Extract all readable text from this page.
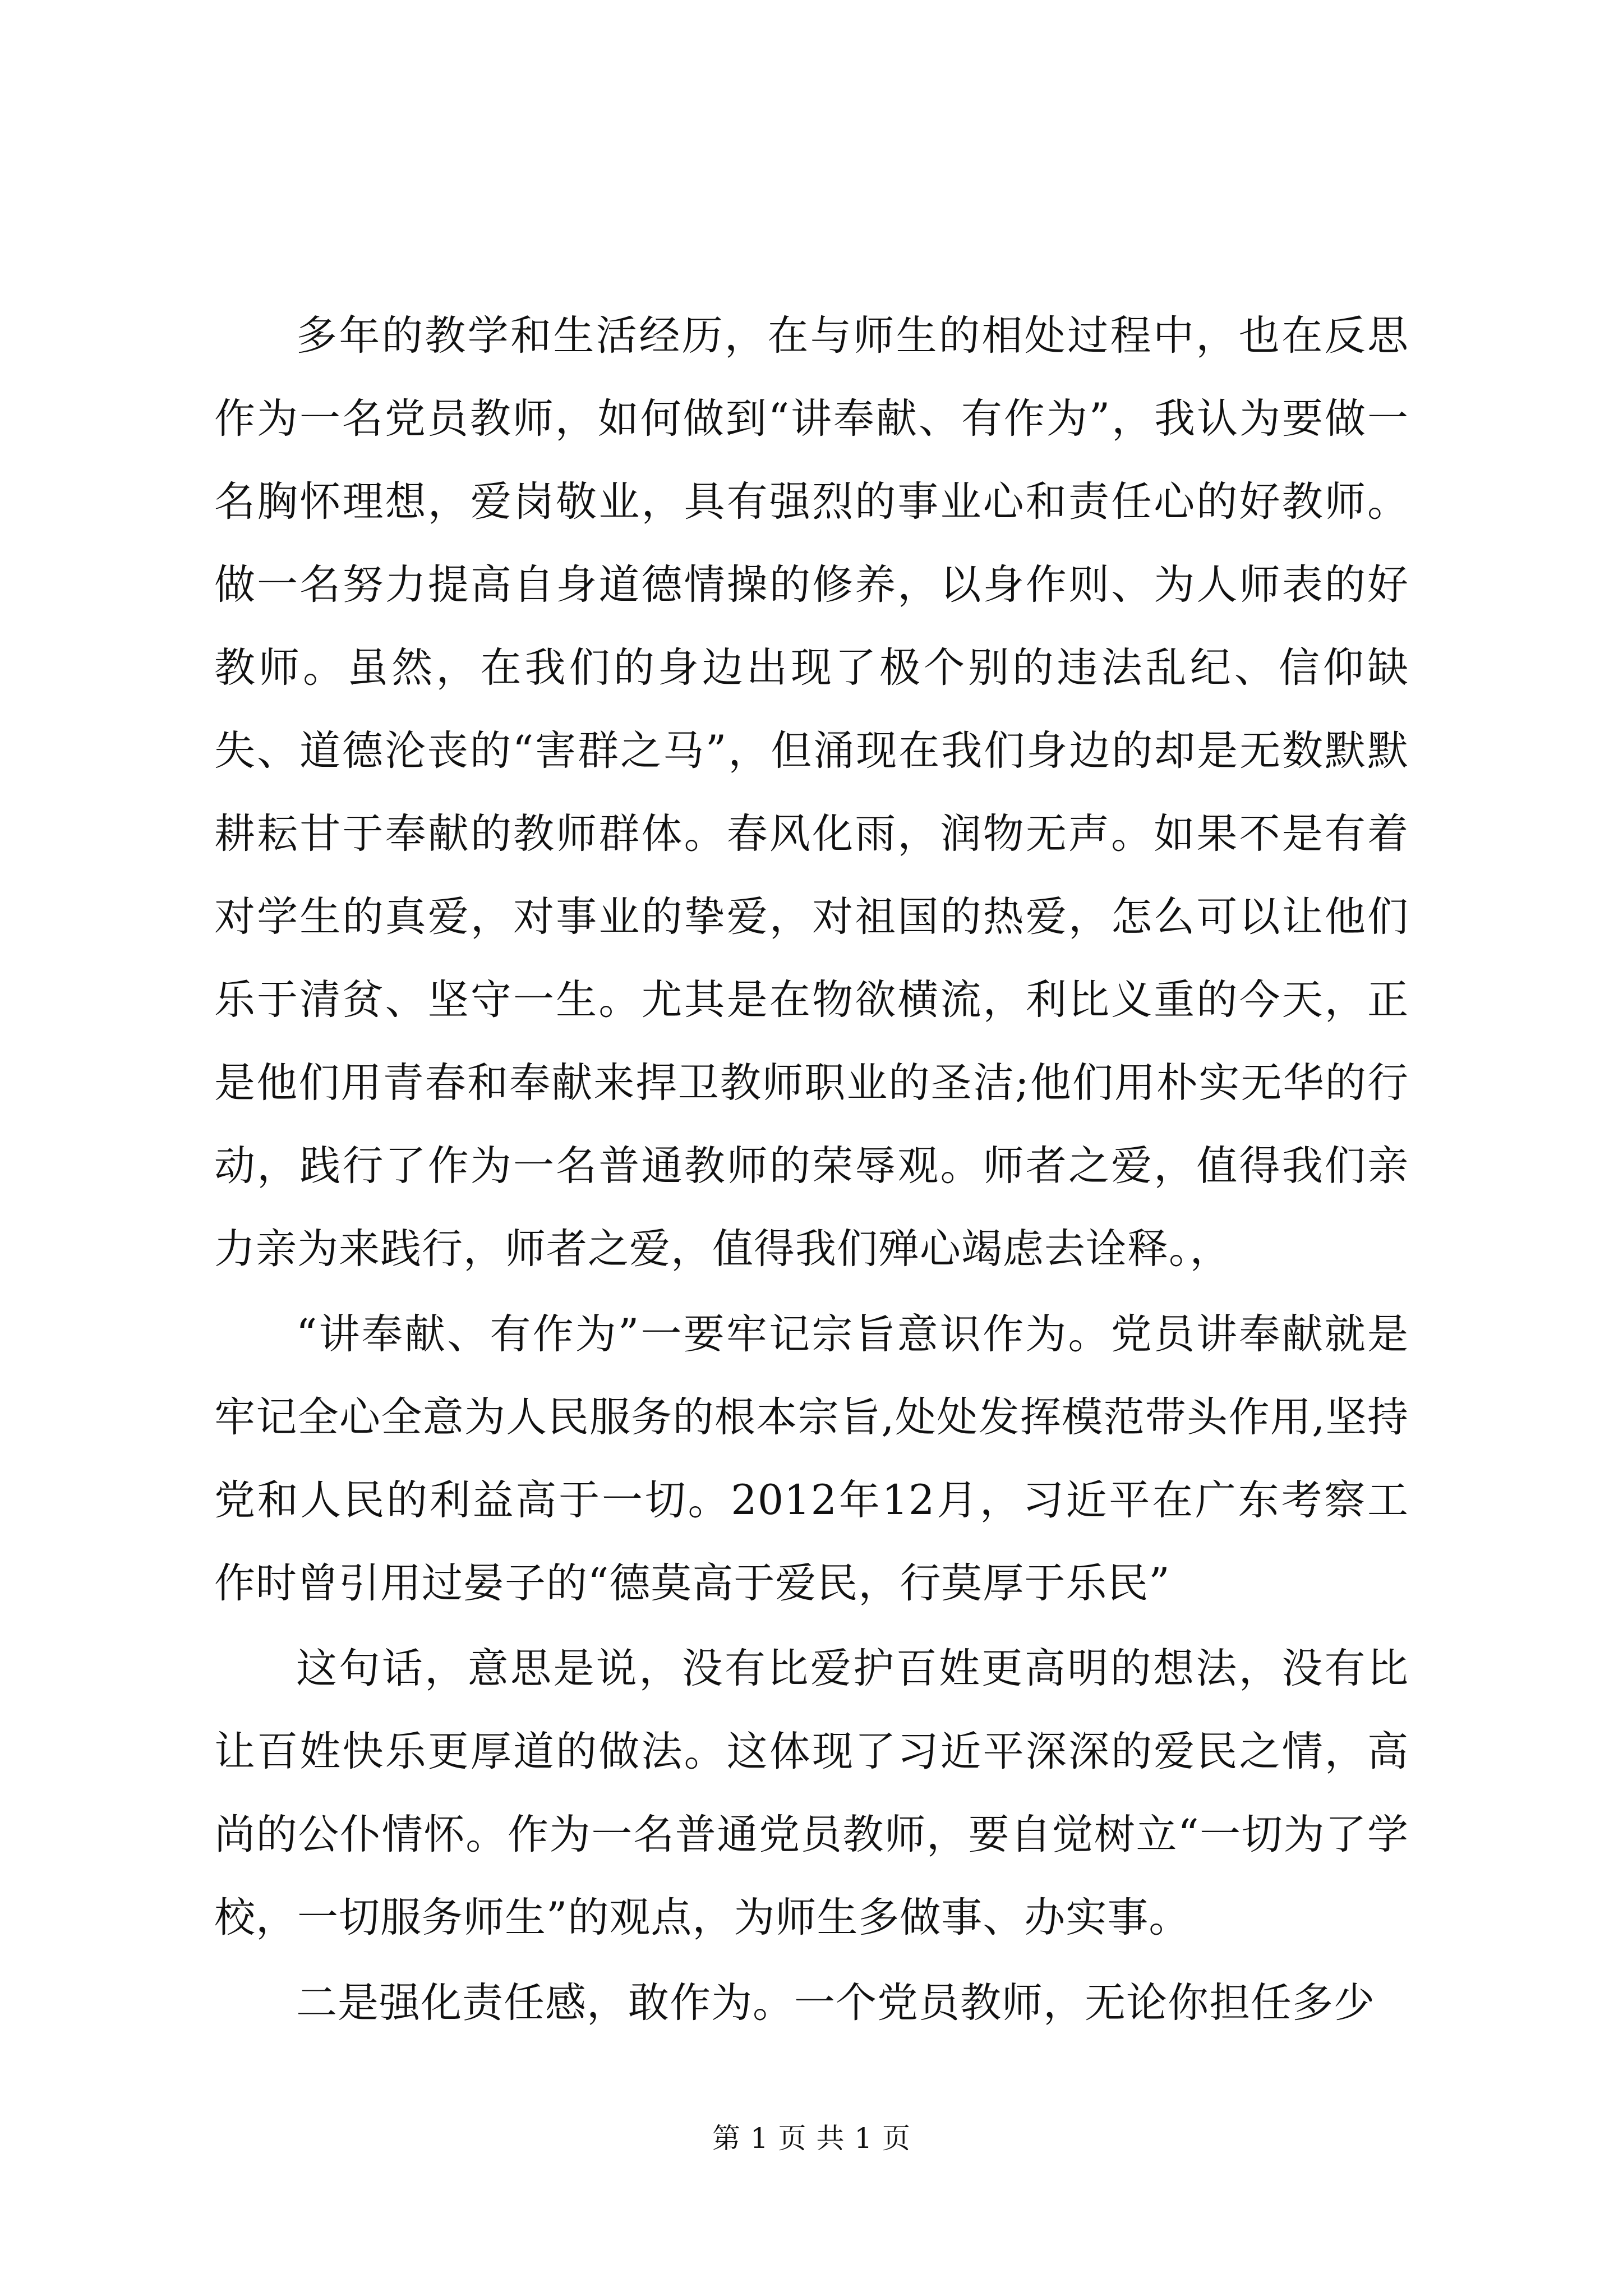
多年的教学和生活经历，在与师生的相处过程中，也在反思作为一名党员教师，如何做到“讲奉献、有作为”，我认为要做一名胸怀理想，爱岗敬业，具有强烈的事业心和责任心的好教师。做一名努力提高自身道德情操的修养，以身作则、为人师表的好教师。虽然，在我们的身边出现了极个别的违法乱纪、信仰缺失、道德沦丧的“害群之马”，但涌现在我们身边的却是无数默默耕耘甘于奉献的教师群体。春风化雨，润物无声。如果不是有着对学生的真爱，对事业的挚爱，对祖国的热爱，怎么可以让他们乐于清贫、坚守一生。尤其是在物欲横流，利比义重的今天，正是他们用青春和奉献来捍卫教师职业的圣洁;他们用朴实无华的行动，践行了作为一名普通教师的荣辱观。师者之爱，值得我们亲力亲为来践行，师者之爱，值得我们殚心竭虑去诠释。，

“讲奉献、有作为”一要牢记宗旨意识作为。党员讲奉献就是牢记全心全意为人民服务的根本宗旨,处处发挥模范带头作用,坚持党和人民的利益高于一切。2012年12月，习近平在广东考察工作时曾引用过晏子的“德莫高于爱民，行莫厚于乐民”

这句话，意思是说，没有比爱护百姓更高明的想法，没有比让百姓快乐更厚道的做法。这体现了习近平深深的爱民之情，高尚的公仆情怀。作为一名普通党员教师，要自觉树立“一切为了学校，一切服务师生”的观点，为师生多做事、办实事。

二是强化责任感，敢作为。一个党员教师，无论你担任多少

第 1 页 共 1 页
